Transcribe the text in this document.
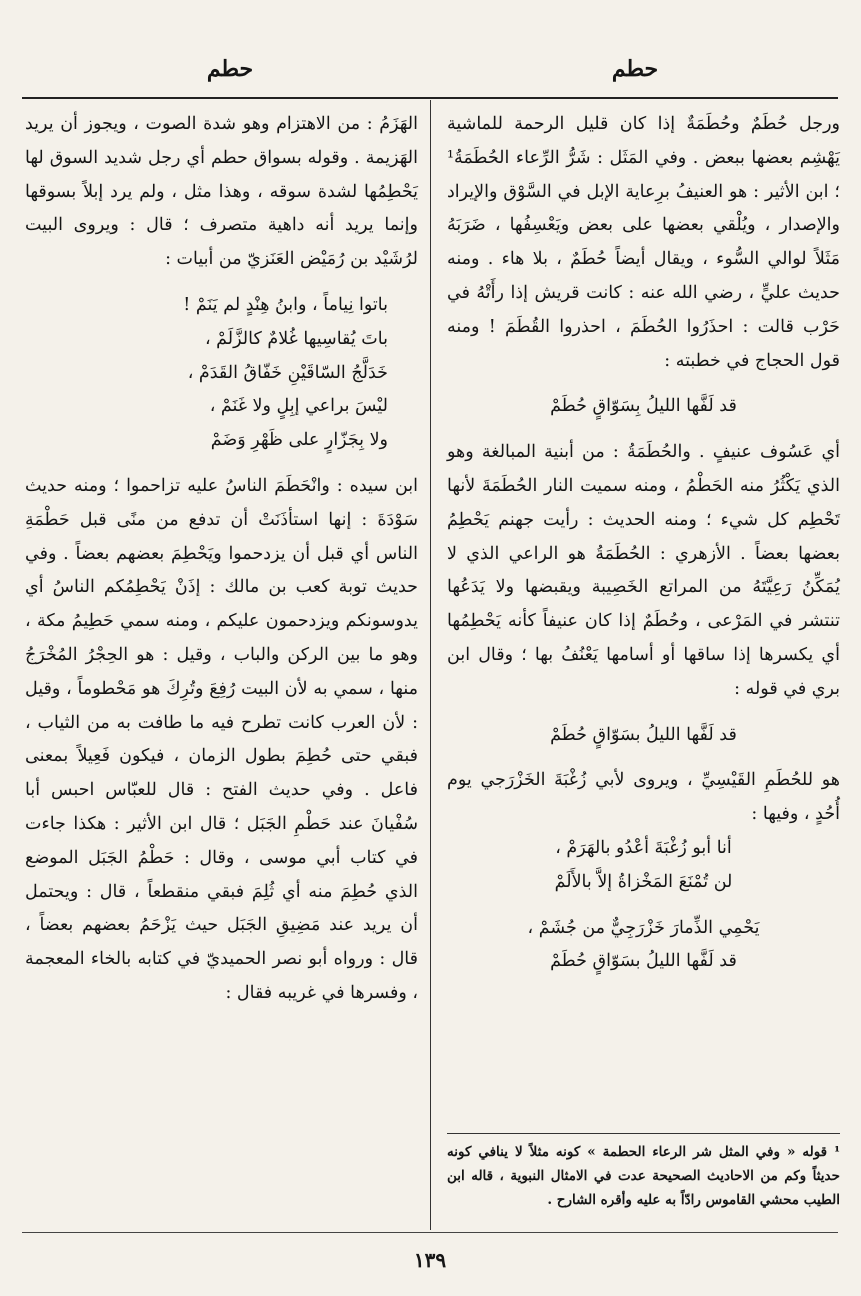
حطم
حطم

ورجل حُطَمٌ وحُطَمَةٌ إذا كان قليل الرحمة للماشية يَهْشِم بعضها ببعض . وفي المَثَل : شَرُّ الرِّعاء الحُطَمَةُ¹ ؛ ابن الأثير : هو العنيفُ برِعاية الإبل في السَّوْق والإيراد والإصدار ، ويُلْقي بعضها على بعض ويَعْسِفُها ، ضَرَبَهُ مَثَلاً لوالي السُّوء ، ويقال أيضاً حُطَمٌ ، بلا هاء . ومنه حديث عليٍّ ، رضي الله عنه : كانت قريش إذا رأَتْهُ في حَرْب قالت : احذَرُوا الحُطَمَ ، احذروا القُطَمَ ! ومنه قول الحجاج في خطبته :

قد لَفَّها الليلُ بِسَوّاقٍ حُطَمْ

أي عَسُوف عنيفٍ . والحُطَمَةُ : من أبنية المبالغة وهو الذي يَكْثُرُ منه الحَطْمُ ، ومنه سميت النار الحُطَمَةَ لأنها تَحْطِم كل شيء ؛ ومنه الحديث : رأيت جهنم يَحْطِمُ بعضها بعضاً . الأزهري : الحُطَمَةُ هو الراعي الذي لا يُمَكِّنُ رَعِيَّتَهُ من المراتع الخَصِيبة ويقبضها ولا يَدَعُها تنتشر في المَرْعى ، وحُطَمٌ إذا كان عنيفاً كأنه يَحْطِمُها أي يكسرها إذا ساقها أو أسامها يَعْنُفُ بها ؛ وقال ابن بري في قوله :

قد لَفَّها الليلُ بسَوّاقٍ حُطَمْ

هو للحُطَمِ القَيْسِيِّ ، ويروى لأبي زُغْبَةَ الخَزْرَجي يوم أُحُدٍ ، وفيها :

أنا أبو زُغْبَةَ أعْدُو بالهَرَمْ ،

لن تُمْنَعَ المَخْزاةُ إلاَّ بالأَلَمْ

يَحْمِي الذِّمارَ خَزْرَجِيٌّ من جُشَمْ ،

قد لَفَّها الليلُ بسَوّاقٍ حُطَمْ

¹ قوله « وفي المثل شر الرعاء الحطمة » كونه مثلاً لا ينافي كونه حديثاً وكم من الاحاديث الصحيحة عدت في الامثال النبوية ، قاله ابن الطيب محشي القاموس رادّاً به عليه وأقره الشارح .

الهَزَمُ : من الاهتزام وهو شدة الصوت ، ويجوز أن يريد الهَزيمة . وقوله بسواق حطم أي رجل شديد السوق لها يَحْطِمُها لشدة سوقه ، وهذا مثل ، ولم يرد إبلاً بسوقها وإنما يريد أنه داهية متصرف ؛ قال : ويروى البيت لرُشَيْد بن رُمَيْض العَنَزيّ من أبيات :

باتوا نِياماً ، وابنُ هِنْدٍ لم يَنَمْ !

باتَ يُقاسِيها غُلامٌ كالزَّلَمْ ،

خَدَلَّجُ السّاقَيْنِ خَفّاقُ القَدَمْ ،

ليْسَ براعي إبِلٍ ولا غَنَمْ ،

ولا بِجَزّارٍ على ظَهْرِ وَضَمْ

ابن سيده : وانْحَطَمَ الناسُ عليه تزاحموا ؛ ومنه حديث سَوْدَةَ : إنها استأذَنَتْ أن تدفع من منًى قبل حَطْمَةِ الناس أي قبل أن يزدحموا ويَحْطِمَ بعضهم بعضاً . وفي حديث توبة كعب بن مالك : إذَنْ يَحْطِمُكم الناسُ أي يدوسونكم ويزدحمون عليكم ، ومنه سمي حَطِيمُ مكة ، وهو ما بين الركن والباب ، وقيل : هو الحِجْرُ المُخْرَجُ منها ، سمي به لأن البيت رُفِعَ وتُرِكَ هو مَحْطوماً ، وقيل : لأن العرب كانت تطرح فيه ما طافت به من الثياب ، فبقي حتى حُطِمَ بطول الزمان ، فيكون فَعِيلاً بمعنى فاعل . وفي حديث الفتح : قال للعبّاس احبس أبا سُفْيانَ عند حَطْمِ الجَبَل ؛ قال ابن الأثير : هكذا جاءت في كتاب أبي موسى ، وقال : حَطْمُ الجَبَل الموضع الذي حُطِمَ منه أي ثُلِمَ فبقي منقطعاً ، قال : ويحتمل أن يريد عند مَضِيقِ الجَبَل حيث يَزْحَمُ بعضهم بعضاً ، قال : ورواه أبو نصر الحميديّ في كتابه بالخاء المعجمة ، وفسرها في غريبه فقال :

١٣٩
